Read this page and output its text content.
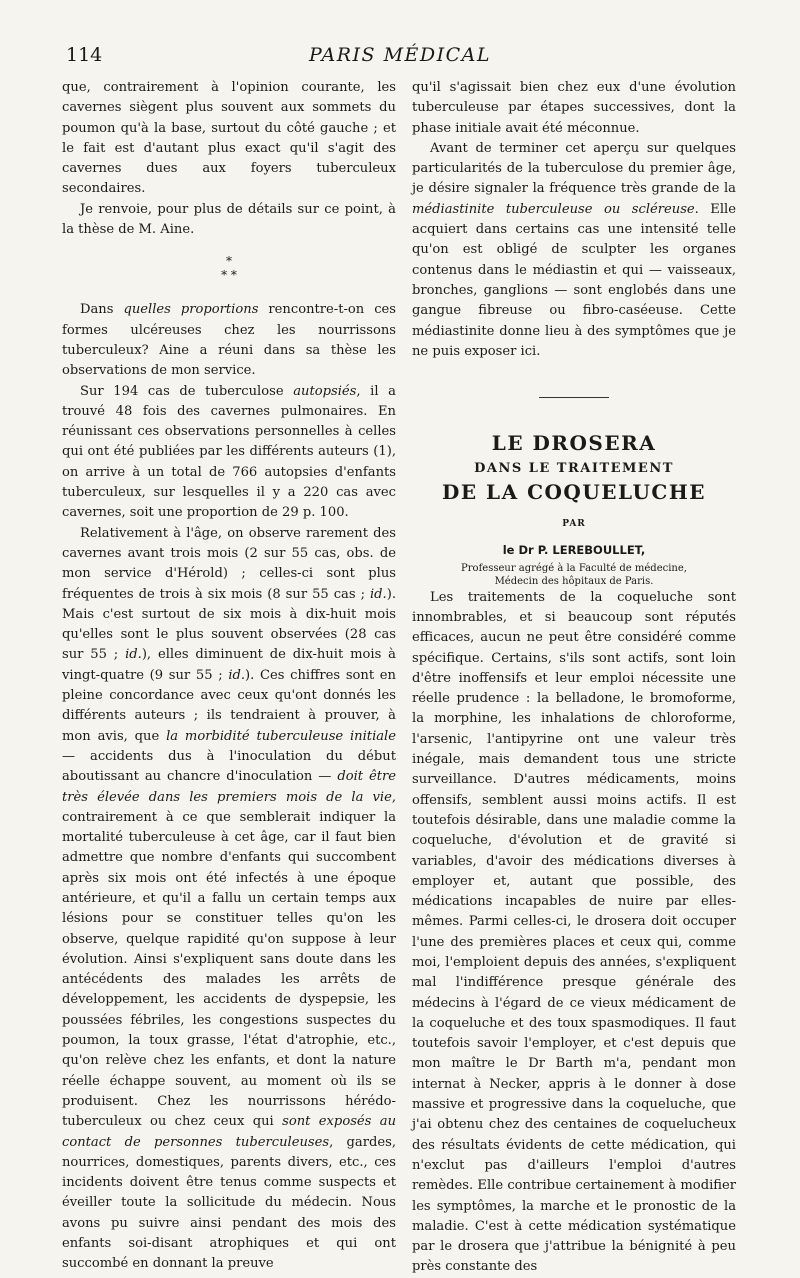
114	PARIS MÉDICAL

que, contrairement à l'opinion courante, les cavernes siègent plus souvent aux sommets du poumon qu'à la base, surtout du côté gauche ; et le fait est d'autant plus exact qu'il s'agit des cavernes dues aux foyers tuberculeux secondaires.

Je renvoie, pour plus de détails sur ce point, à la thèse de M. Aine.

*
* *

Dans quelles proportions rencontre-t-on ces formes ulcéreuses chez les nourrissons tuberculeux? Aine a réuni dans sa thèse les observations de mon service.

Sur 194 cas de tuberculose autopsiés, il a trouvé 48 fois des cavernes pulmonaires. En réunissant ces observations personnelles à celles qui ont été publiées par les différents auteurs (1), on arrive à un total de 766 autopsies d'enfants tuberculeux, sur lesquelles il y a 220 cas avec cavernes, soit une proportion de 29 p. 100.

Relativement à l'âge, on observe rarement des cavernes avant trois mois (2 sur 55 cas, obs. de mon service d'Hérold) ; celles-ci sont plus fréquentes de trois à six mois (8 sur 55 cas ; id.). Mais c'est surtout de six mois à dix-huit mois qu'elles sont le plus souvent observées (28 cas sur 55 ; id.), elles diminuent de dix-huit mois à vingt-quatre (9 sur 55 ; id.). Ces chiffres sont en pleine concordance avec ceux qu'ont donnés les différents auteurs ; ils tendraient à prouver, à mon avis, que la morbidité tuberculeuse initiale — accidents dus à l'inoculation du début aboutissant au chancre d'inoculation — doit être très élevée dans les premiers mois de la vie, contrairement à ce que semblerait indiquer la mortalité tuberculeuse à cet âge, car il faut bien admettre que nombre d'enfants qui succombent après six mois ont été infectés à une époque antérieure, et qu'il a fallu un certain temps aux lésions pour se constituer telles qu'on les observe, quelque rapidité qu'on suppose à leur évolution. Ainsi s'expliquent sans doute dans les antécédents des malades les arrêts de développement, les accidents de dyspepsie, les poussées fébriles, les congestions suspectes du poumon, la toux grasse, l'état d'atrophie, etc., qu'on relève chez les enfants, et dont la nature réelle échappe souvent, au moment où ils se produisent. Chez les nourrissons hérédo-tuberculeux ou chez ceux qui sont exposés au contact de personnes tuberculeuses, gardes, nourrices, domestiques, parents divers, etc., ces incidents doivent être tenus comme suspects et éveiller toute la sollicitude du médecin. Nous avons pu suivre ainsi pendant des mois des enfants soi-disant atrophiques et qui ont succombé en donnant la preuve

qu'il s'agissait bien chez eux d'une évolution tuberculeuse par étapes successives, dont la phase initiale avait été méconnue.

Avant de terminer cet aperçu sur quelques particularités de la tuberculose du premier âge, je désire signaler la fréquence très grande de la médiastinite tuberculeuse ou scléreuse. Elle acquiert dans certains cas une intensité telle qu'on est obligé de sculpter les organes contenus dans le médiastin et qui — vaisseaux, bronches, ganglions — sont englobés dans une gangue fibreuse ou fibro-caséeuse. Cette médiastinite donne lieu à des symptômes que je ne puis exposer ici.

LE DROSERA
DANS LE TRAITEMENT
DE LA COQUELUCHE
PAR
le Dr P. LEREBOULLET,
Professeur agrégé à la Faculté de médecine,
Médecin des hôpitaux de Paris.

Les traitements de la coqueluche sont innombrables, et si beaucoup sont réputés efficaces, aucun ne peut être considéré comme spécifique. Certains, s'ils sont actifs, sont loin d'être inoffensifs et leur emploi nécessite une réelle prudence : la belladone, le bromoforme, la morphine, les inhalations de chloroforme, l'arsenic, l'antipyrine ont une valeur très inégale, mais demandent tous une stricte surveillance. D'autres médicaments, moins offensifs, semblent aussi moins actifs. Il est toutefois désirable, dans une maladie comme la coqueluche, d'évolution et de gravité si variables, d'avoir des médications diverses à employer et, autant que possible, des médications incapables de nuire par elles-mêmes. Parmi celles-ci, le drosera doit occuper l'une des premières places et ceux qui, comme moi, l'emploient depuis des années, s'expliquent mal l'indifférence presque générale des médecins à l'égard de ce vieux médicament de la coqueluche et des toux spasmodiques. Il faut toutefois savoir l'employer, et c'est depuis que mon maître le Dr Barth m'a, pendant mon internat à Necker, appris à le donner à dose massive et progressive dans la coqueluche, que j'ai obtenu chez des centaines de coquelucheux des résultats évidents de cette médication, qui n'exclut pas d'ailleurs l'emploi d'autres remèdes. Elle contribue certainement à modifier les symptômes, la marche et le pronostic de la maladie. C'est à cette médication systématique par le drosera que j'attribue la bénignité à peu près constante des
